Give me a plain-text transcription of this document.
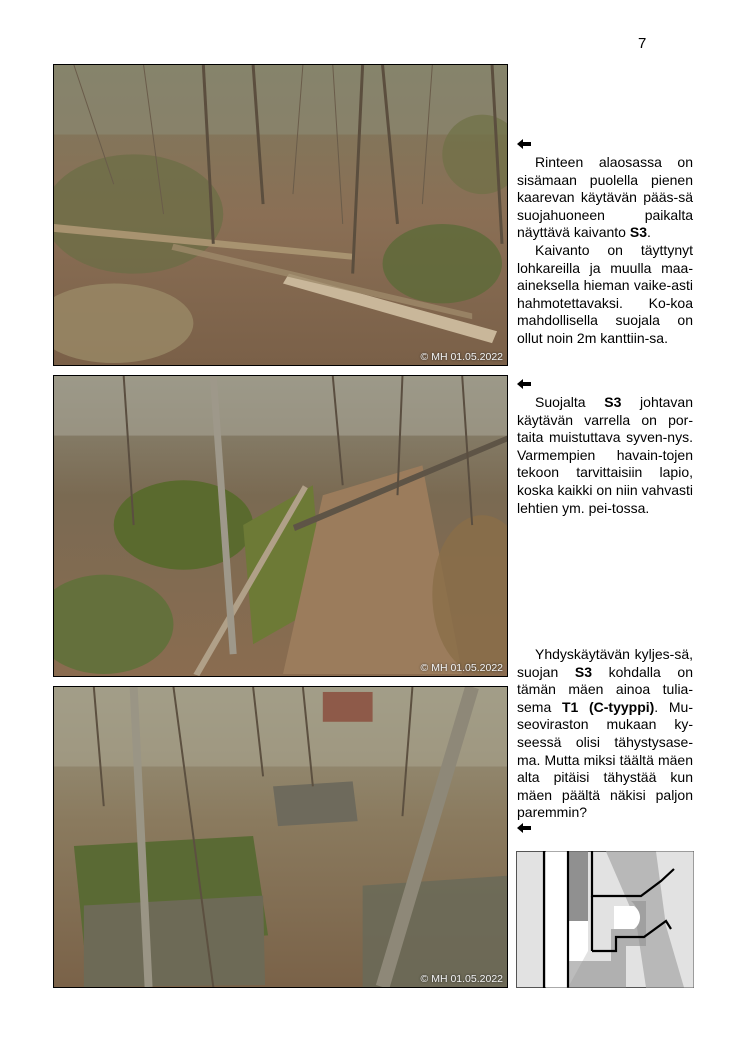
7
© MH 01.05.2022
© MH 01.05.2022
© MH 01.05.2022

Rinteen alaosassa on sisämaan puolella pienen kaarevan käytävän pääs-sä suojahuoneen paikalta näyttävä kaivanto S3.

Kaivanto on täyttynyt lohkareilla ja muulla maa-aineksella hieman vaike-asti hahmotettavaksi. Ko-koa mahdollisella suojala on ollut noin 2m kanttiin-sa.

Suojalta S3 johtavan käytävän varrella on por-taita muistuttava syven-nys. Varmempien havain-tojen tekoon tarvittaisiin lapio, koska kaikki on niin vahvasti lehtien ym. pei-tossa.

Yhdyskäytävän kyljes-sä, suojan S3 kohdalla on tämän mäen ainoa tulia-sema T1 (C-tyyppi). Mu-seoviraston mukaan ky-seessä olisi tähystysase-ma. Mutta miksi täältä mäen alta pitäisi tähystää kun mäen päältä näkisi paljon paremmin?
